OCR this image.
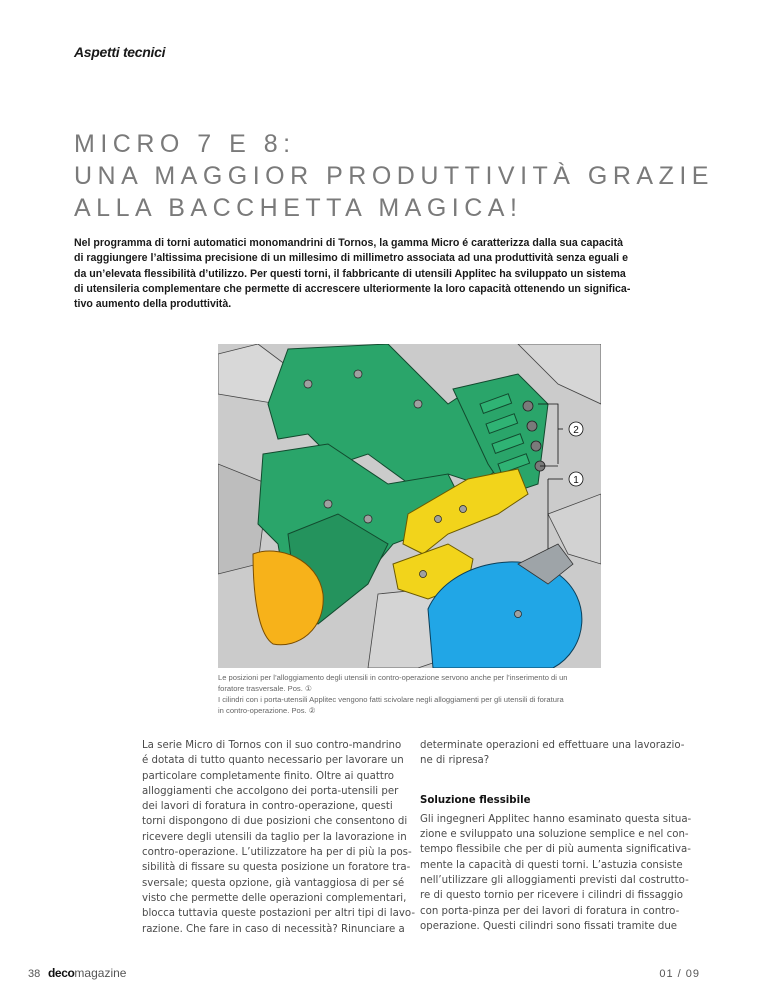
Aspetti tecnici
MICRO 7 E 8:
UNA MAGGIOR PRODUTTIVITÀ GRAZIE
ALLA BACCHETTA MAGICA!

Nel programma di torni automatici monomandrini di Tornos, la gamma Micro é caratterizza dalla sua capacità
di raggiungere l’altissima precisione di un millesimo di millimetro associata ad una produttività senza eguali e
da un’elevata flessibilità d’utilizzo. Per questi torni, il fabbricante di utensili Applitec ha sviluppato un sistema
di utensileria complementare che permette di accrescere ulteriormente la loro capacità ottenendo un significa-
tivo aumento della produttività.

2
1
Le posizioni per l’alloggiamento degli utensili in contro-operazione servono anche per l’inserimento di un
foratore trasversale. Pos. ①
I cilindri con i porta-utensili Applitec vengono fatti scivolare negli alloggiamenti per gli utensili di foratura
in contro-operazione. Pos. ②
La serie Micro di Tornos con il suo contro-mandrino
é dotata di tutto quanto necessario per lavorare un
particolare completamente finito. Oltre ai quattro
alloggiamenti che accolgono dei porta-utensili per
dei lavori di foratura in contro-operazione, questi
torni dispongono di due posizioni che consentono di
ricevere degli utensili da taglio per la lavorazione in
contro-operazione. L’utilizzatore ha per di più la pos-
sibilità di fissare su questa posizione un foratore tra-
sversale; questa opzione, già vantaggiosa di per sé
visto che permette delle operazioni complementari,
blocca tuttavia queste postazioni per altri tipi di lavo-
razione. Che fare in caso di necessità? Rinunciare a
determinate operazioni ed effettuare una lavorazio-
ne di ripresa?
Soluzione flessibile
Gli ingegneri Applitec hanno esaminato questa situa-
zione e sviluppato una soluzione semplice e nel con-
tempo flessibile che per di più aumenta significativa-
mente la capacità di questi torni. L’astuzia consiste
nell’utilizzare gli alloggiamenti previsti dal costrutto-
re di questo tornio per ricevere i cilindri di fissaggio
con porta-pinza per dei lavori di foratura in contro-
operazione. Questi cilindri sono fissati tramite due
38 decomagazine	01 / 09
